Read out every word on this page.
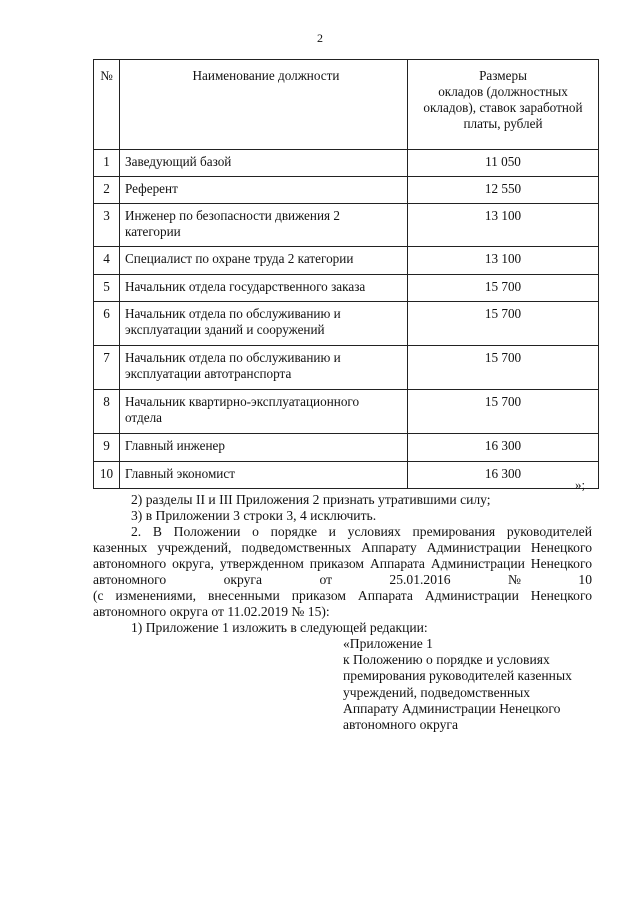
2
№	Наименование должности	Размеры
окладов (должностных
окладов), ставок заработной
платы, рублей

1	Заведующий базой	11 050
2	Референт	12 550
3	Инженер по безопасности движения 2
категории	13 100
4	Специалист по охране труда 2 категории	13 100
5	Начальник отдела государственного заказа	15 700
6	Начальник отдела по обслуживанию и
эксплуатации зданий и сооружений	15 700
7	Начальник отдела по обслуживанию и
эксплуатации автотранспорта	15 700
8	Начальник квартирно-эксплуатационного
отдела	15 700
9	Главный инженер	16 300
10	Главный экономист	16 300
»;
2) разделы II и III Приложения 2 признать утратившими силу;
3) в Приложении 3 строки 3, 4 исключить.
2. В Положении о порядке и условиях премирования руководителей
казенных учреждений, подведомственных Аппарату Администрации Ненецкого
автономного округа, утвержденном приказом Аппарата Администрации Ненецкого
автономного	округа	от	25.01.2016	№	10
(с изменениями, внесенными приказом Аппарата Администрации Ненецкого
автономного округа от 11.02.2019 № 15):
1) Приложение 1 изложить в следующей редакции:
«Приложение 1
к Положению о порядке и условиях
премирования руководителей казенных
учреждений, подведомственных
Аппарату Администрации Ненецкого
автономного округа
